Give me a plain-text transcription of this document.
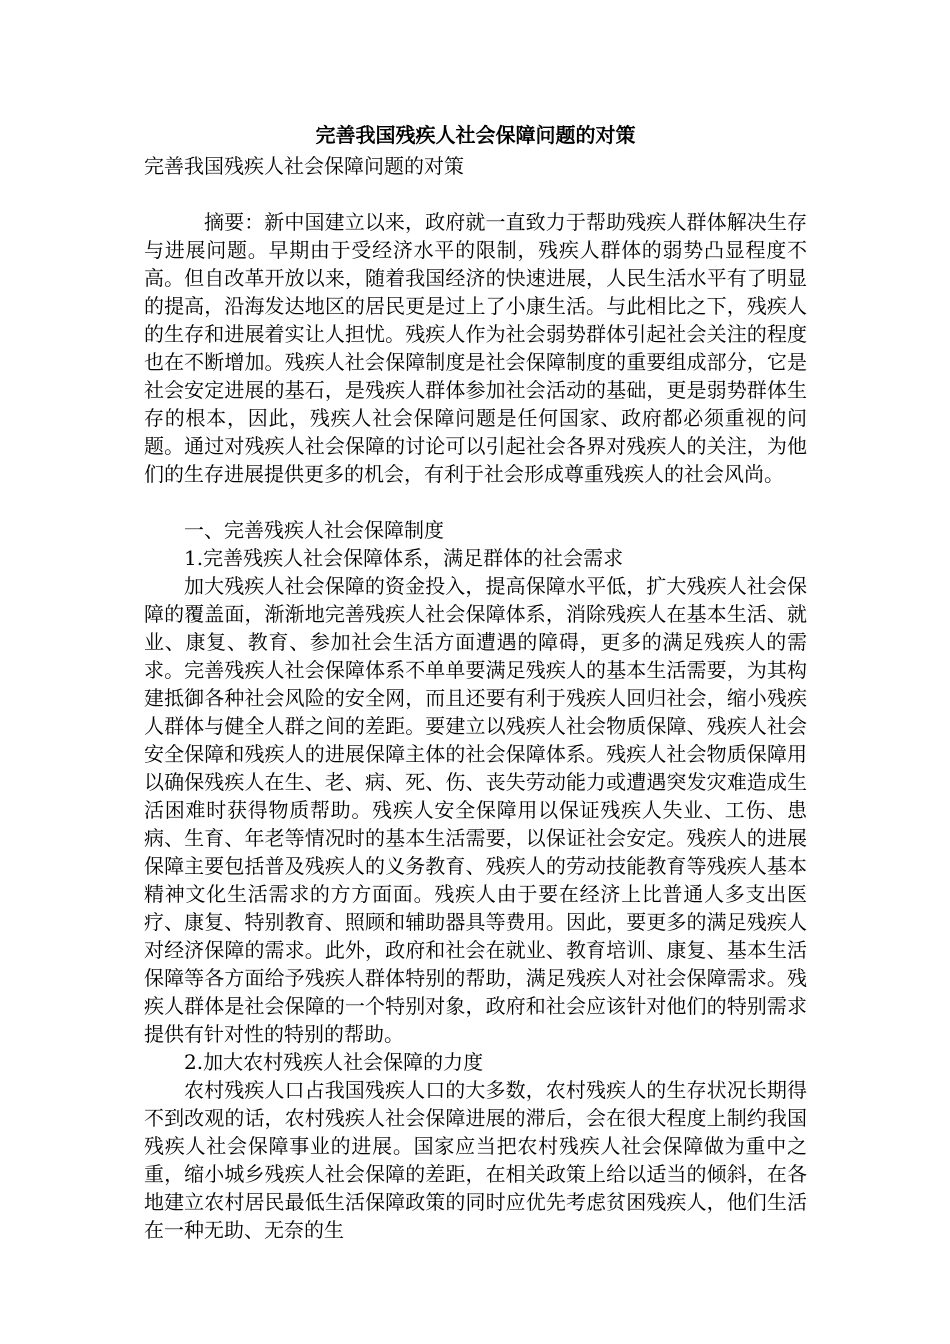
完善我国残疾人社会保障问题的对策

完善我国残疾人社会保障问题的对策

摘要：新中国建立以来，政府就一直致力于帮助残疾人群体解决生存与进展问题。早期由于受经济水平的限制，残疾人群体的弱势凸显程度不高。但自改革开放以来，随着我国经济的快速进展，人民生活水平有了明显的提高，沿海发达地区的居民更是过上了小康生活。与此相比之下，残疾人的生存和进展着实让人担忧。残疾人作为社会弱势群体引起社会关注的程度也在不断增加。残疾人社会保障制度是社会保障制度的重要组成部分，它是社会安定进展的基石，是残疾人群体参加社会活动的基础，更是弱势群体生存的根本，因此，残疾人社会保障问题是任何国家、政府都必须重视的问题。通过对残疾人社会保障的讨论可以引起社会各界对残疾人的关注，为他们的生存进展提供更多的机会，有利于社会形成尊重残疾人的社会风尚。

一、完善残疾人社会保障制度

1.完善残疾人社会保障体系，满足群体的社会需求

加大残疾人社会保障的资金投入，提高保障水平低，扩大残疾人社会保障的覆盖面，渐渐地完善残疾人社会保障体系，消除残疾人在基本生活、就业、康复、教育、参加社会生活方面遭遇的障碍，更多的满足残疾人的需求。完善残疾人社会保障体系不单单要满足残疾人的基本生活需要，为其构建抵御各种社会风险的安全网，而且还要有利于残疾人回归社会，缩小残疾人群体与健全人群之间的差距。要建立以残疾人社会物质保障、残疾人社会安全保障和残疾人的进展保障主体的社会保障体系。残疾人社会物质保障用以确保残疾人在生、老、病、死、伤、丧失劳动能力或遭遇突发灾难造成生活困难时获得物质帮助。残疾人安全保障用以保证残疾人失业、工伤、患病、生育、年老等情况时的基本生活需要，以保证社会安定。残疾人的进展保障主要包括普及残疾人的义务教育、残疾人的劳动技能教育等残疾人基本精神文化生活需求的方方面面。残疾人由于要在经济上比普通人多支出医疗、康复、特别教育、照顾和辅助器具等费用。因此，要更多的满足残疾人对经济保障的需求。此外，政府和社会在就业、教育培训、康复、基本生活保障等各方面给予残疾人群体特别的帮助，满足残疾人对社会保障需求。残疾人群体是社会保障的一个特别对象，政府和社会应该针对他们的特别需求提供有针对性的特别的帮助。

2.加大农村残疾人社会保障的力度

农村残疾人口占我国残疾人口的大多数，农村残疾人的生存状况长期得不到改观的话，农村残疾人社会保障进展的滞后，会在很大程度上制约我国残疾人社会保障事业的进展。国家应当把农村残疾人社会保障做为重中之重，缩小城乡残疾人社会保障的差距，在相关政策上给以适当的倾斜，在各地建立农村居民最低生活保障政策的同时应优先考虑贫困残疾人，他们生活在一种无助、无奈的生
